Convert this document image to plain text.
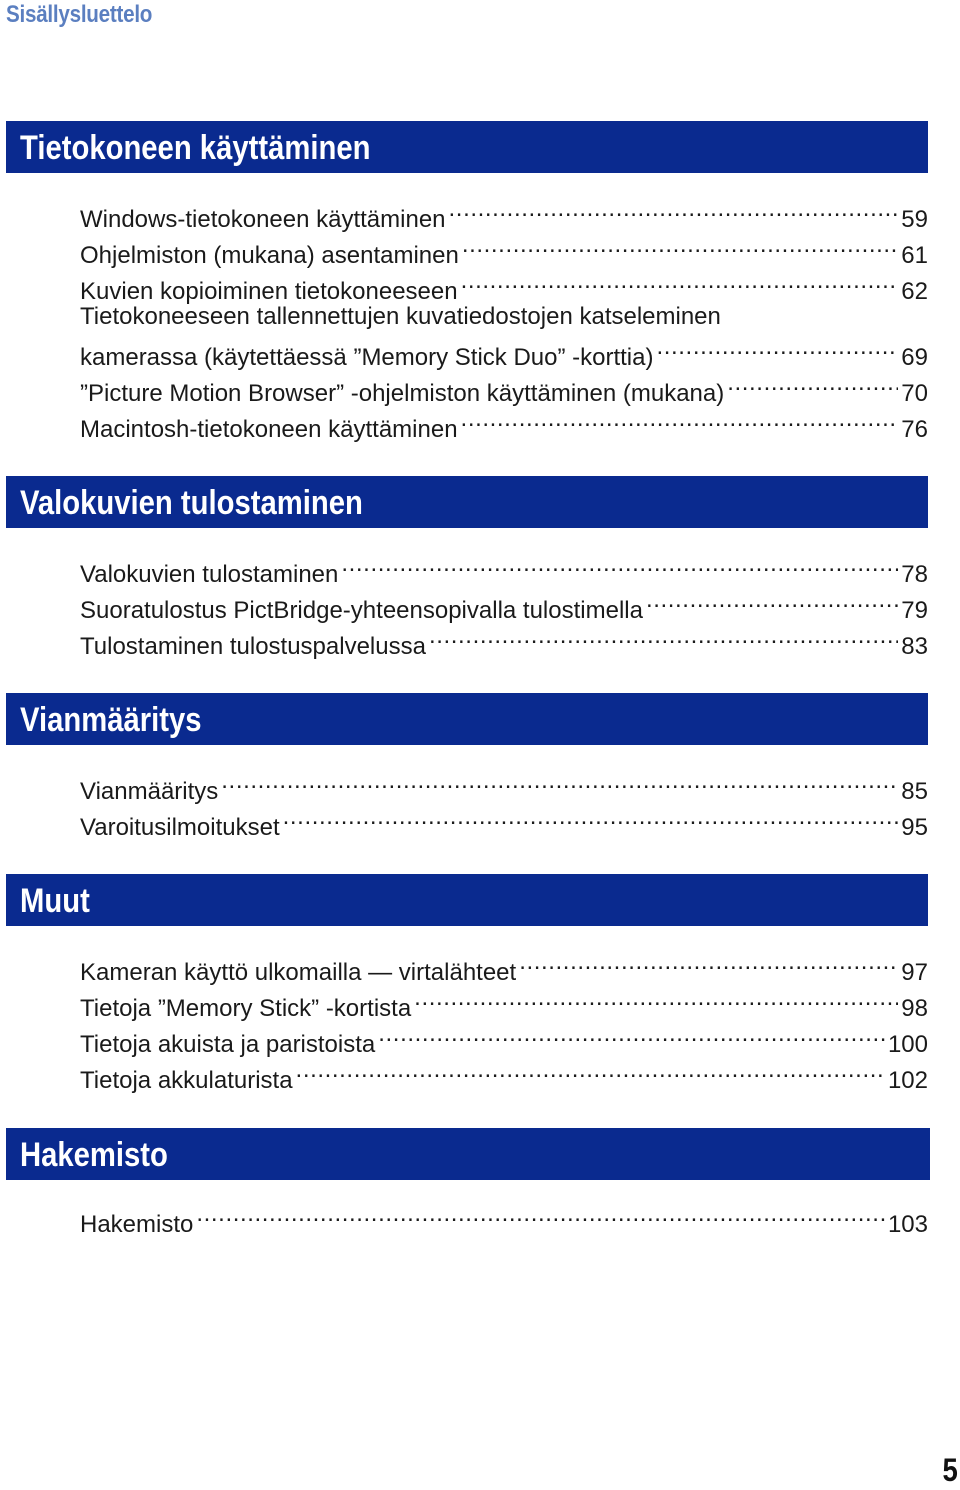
Sisällysluettelo
Tietokoneen käyttäminen
Windows-tietokoneen käyttäminen .....	59
Ohjelmiston (mukana) asentaminen .....	61
Kuvien kopioiminen tietokoneeseen .....	62
Tietokoneeseen tallennettujen kuvatiedostojen katseleminen
kamerassa (käytettäessä ”Memory Stick Duo” -korttia) .....	69
”Picture Motion Browser” -ohjelmiston käyttäminen (mukana) .....	70
Macintosh-tietokoneen käyttäminen .....	76
Valokuvien tulostaminen
Valokuvien tulostaminen .....	78
Suoratulostus PictBridge-yhteensopivalla tulostimella .....	79
Tulostaminen tulostuspalvelussa .....	83
Vianmääritys
Vianmääritys .....	85
Varoitusilmoitukset .....	95
Muut
Kameran käyttö ulkomailla — virtalähteet .....	97
Tietoja ”Memory Stick” -kortista .....	98
Tietoja akuista ja paristoista .....	100
Tietoja akkulaturista .....	102
Hakemisto
Hakemisto .....	103
5
